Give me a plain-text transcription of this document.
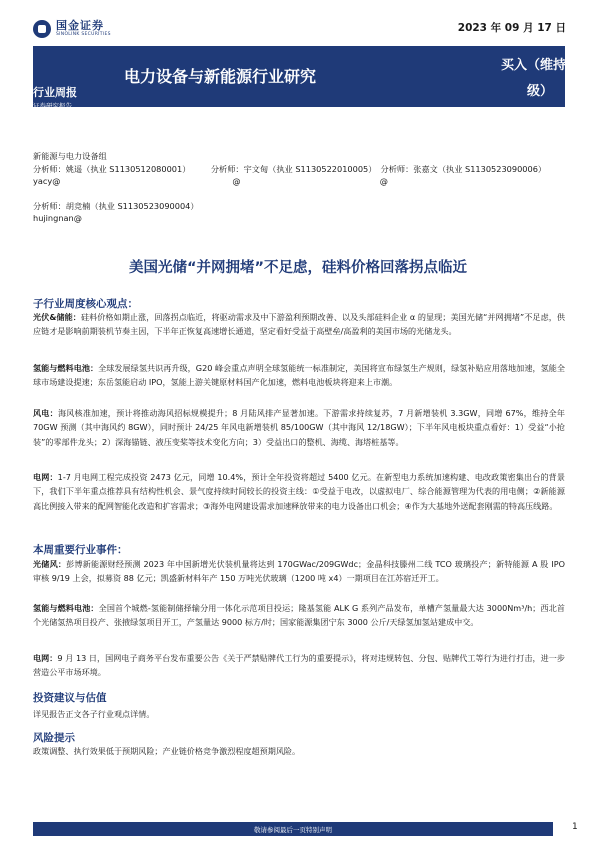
国金证券
SINOLINK SECURITIES
2023 年 09 月 17 日
行业周报
证券研究报告
电力设备与新能源行业研究
买入（维持评级）
新能源与电力设备组
分析师：姚遥（执业 S1130512080001）　　　分析师：宇文甸（执业 S1130522010005）　分析师：张嘉文（执业 S1130523090006）
yacy@　　　　　　　　　　　　　　　　　　　　　@　　　　　　　　　　　　　　　　　@
分析师：胡竞楠（执业 S1130523090004）
hujingnan@
美国光储“并网拥堵”不足虑，硅料价格回落拐点临近
子行业周度核心观点：
光伏&储能：硅料价格如期止涨，回落拐点临近，将驱动需求及中下游盈利预期改善、以及头部硅料企业 α 的显现；美国光储“并网拥堵”不足虑，供应链才是影响前期装机节奏主因，下半年正恢复高速增长通道，坚定看好受益于高壁垒/高盈利的美国市场的光储龙头。
氢能与燃料电池：全球发展绿氢共识再升级，G20 峰会重点声明全球氢能统一标准制定，美国将宣布绿氢生产规则，绿氢补贴应用落地加速，氢能全球市场建设提速；东岳氢能启动 IPO，氢能上游关键原材料国产化加速，燃料电池板块将迎来上市潮。
风电：海风核准加速，预计将推动海风招标规模提升；8 月陆风排产显著加速。下游需求持续复苏，7 月新增装机 3.3GW，同增 67%，维持全年 70GW 预测（其中海风约 8GW），同时预计 24/25 年风电新增装机 85/100GW（其中海风 12/18GW）；下半年风电板块重点看好：1）受益“小抢装”的零部件龙头；2）深海锚链、液压变桨等技术变化方向；3）受益出口的整机、海缆、海塔桩基等。
电网：1-7 月电网工程完成投资 2473 亿元，同增 10.4%，预计全年投资将超过 5400 亿元。在新型电力系统加速构建、电改政策密集出台的背景下，我们下半年重点推荐具有结构性机会、景气度持续时间较长的投资主线：①受益于电改，以虚拟电厂、综合能源管理为代表的用电侧；②新能源高比例接入带来的配网智能化改造和扩容需求；③海外电网建设需求加速释放带来的电力设备出口机会；④作为大基地外送配套刚需的特高压线路。
本周重要行业事件：
光储风：彭博新能源财经预测 2023 年中国新增光伏装机量将达到 170GWac/209GWdc；金晶科技滕州二线 TCO 玻璃投产；新特能源 A 股 IPO 审核 9/19 上会，拟募资 88 亿元；凯盛新材料年产 150 万吨光伏玻璃（1200 吨 x4）一期项目在江苏宿迁开工。
氢能与燃料电池：全国首个城燃-氢能制储择输分用一体化示范项目投运；隆基氢能 ALK G 系列产品发布，单槽产氢量最大达 3000Nm³/h；西北首个光储氢热项目投产、张掖绿氢项目开工，产氢量达 9000 标方/时；国家能源集团宁东 3000 公斤/天绿氢加氢站建成中交。
电网：9 月 13 日，国网电子商务平台发布重要公告《关于严禁贴牌代工行为的重要提示》，将对违规转包、分包、贴牌代工等行为进行打击，进一步营造公平市场环境。
投资建议与估值
详见报告正文各子行业观点详情。
风险提示
政策调整、执行效果低于预期风险；产业链价格竞争激烈程度超预期风险。
敬请参阅最后一页特别声明	1
